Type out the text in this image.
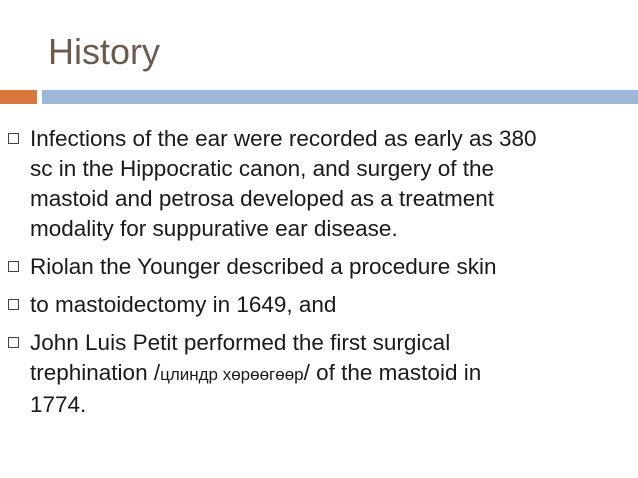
History
Infections of the ear were recorded as early as 380
sc in the Hippocratic canon, and surgery of the
mastoid and petrosa developed as a treatment
modality for suppurative ear disease.
Riolan the Younger described a procedure skin
to mastoidectomy in 1649, and
John Luis Petit performed the first surgical
trephination /цлиндр хөрөөгөөр/ of the mastoid in
1774.
